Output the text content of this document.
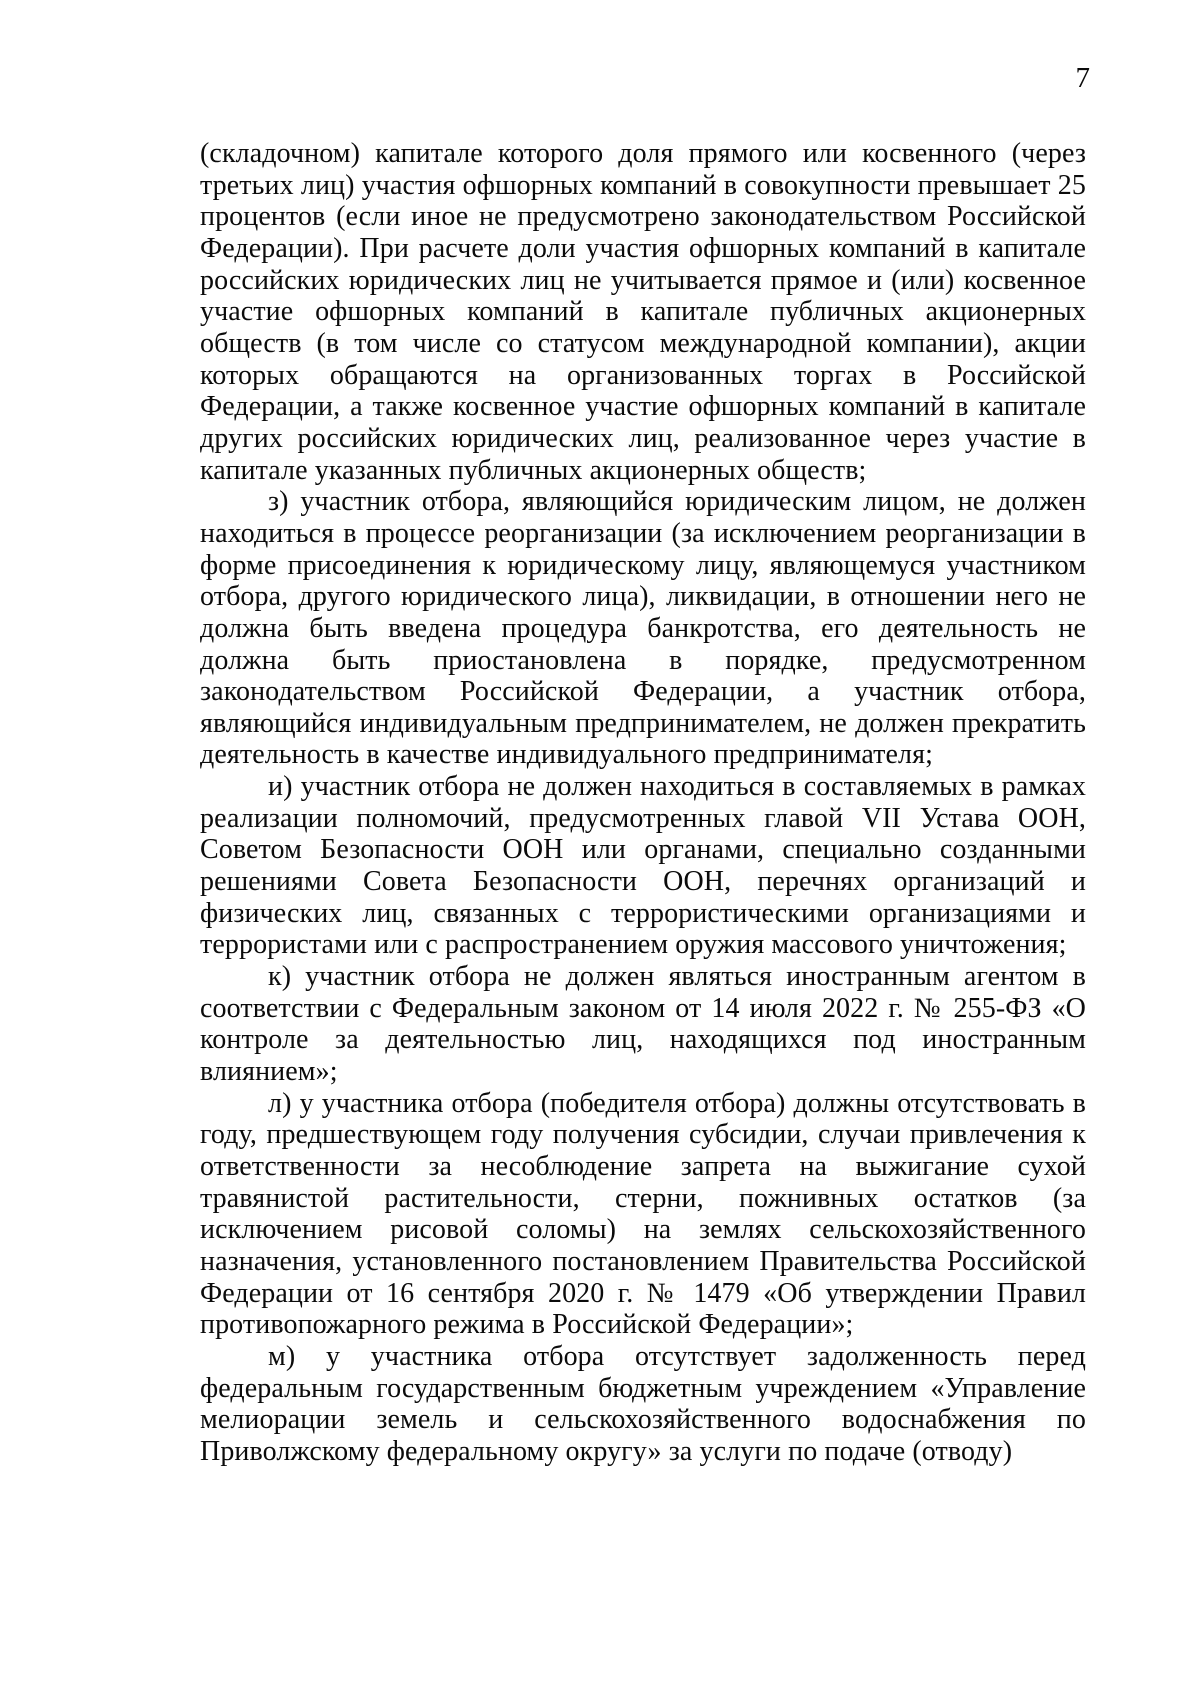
7

(складочном) капитале которого доля прямого или косвенного (через третьих лиц) участия офшорных компаний в совокупности превышает 25 процентов (если иное не предусмотрено законодательством Российской Федерации). При расчете доли участия офшорных компаний в капитале российских юридических лиц не учитывается прямое и (или) косвенное участие офшорных компаний в капитале публичных акционерных обществ (в том числе со статусом международной компании), акции которых обращаются на организованных торгах в Российской Федерации, а также косвенное участие офшорных компаний в капитале других российских юридических лиц, реализованное через участие в капитале указанных публичных акционерных обществ;

з) участник отбора, являющийся юридическим лицом, не должен находиться в процессе реорганизации (за исключением реорганизации в форме присоединения к юридическому лицу, являющемуся участником отбора, другого юридического лица), ликвидации, в отношении него не должна быть введена процедура банкротства, его деятельность не должна быть приостановлена в порядке, предусмотренном законодательством Российской Федерации, а участник отбора, являющийся индивидуальным предпринимателем, не должен прекратить деятельность в качестве индивидуального предпринимателя;

и) участник отбора не должен находиться в составляемых в рамках реализации полномочий, предусмотренных главой VII Устава ООН, Советом Безопасности ООН или органами, специально созданными решениями Совета Безопасности ООН, перечнях организаций и физических лиц, связанных с террористическими организациями и террористами или с распространением оружия массового уничтожения;

к) участник отбора не должен являться иностранным агентом в соответствии с Федеральным законом от 14 июля 2022 г. № 255-ФЗ «О контроле за деятельностью лиц, находящихся под иностранным влиянием»;

л) у участника отбора (победителя отбора) должны отсутствовать в году, предшествующем году получения субсидии, случаи привлечения к ответственности за несоблюдение запрета на выжигание сухой травянистой растительности, стерни, пожнивных остатков (за исключением рисовой соломы) на землях сельскохозяйственного назначения, установленного постановлением Правительства Российской Федерации от 16 сентября 2020 г. № 1479 «Об утверждении Правил противопожарного режима в Российской Федерации»;

м) у участника отбора отсутствует задолженность перед федеральным государственным бюджетным учреждением «Управление мелиорации земель и сельскохозяйственного водоснабжения по Приволжскому федеральному округу» за услуги по подаче (отводу)
